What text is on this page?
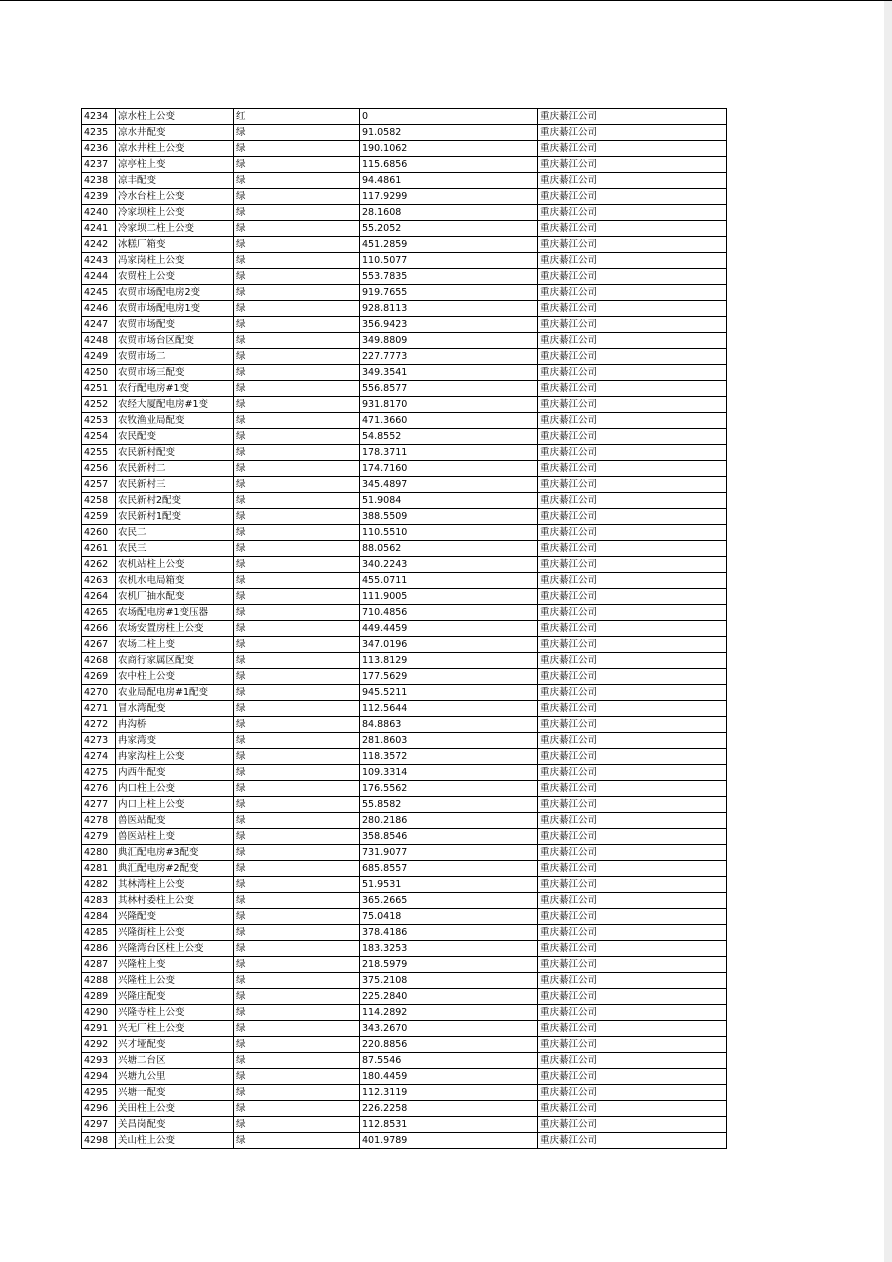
4234	凉水柱上公变	红	0	重庆綦江公司
4235	凉水井配变	绿	91.0582	重庆綦江公司
4236	凉水井柱上公变	绿	190.1062	重庆綦江公司
4237	凉亭柱上变	绿	115.6856	重庆綦江公司
4238	凉丰配变	绿	94.4861	重庆綦江公司
4239	冷水台柱上公变	绿	117.9299	重庆綦江公司
4240	冷家坝柱上公变	绿	28.1608	重庆綦江公司
4241	冷家坝二柱上公变	绿	55.2052	重庆綦江公司
4242	冰糕厂箱变	绿	451.2859	重庆綦江公司
4243	冯家岗柱上公变	绿	110.5077	重庆綦江公司
4244	农贸柱上公变	绿	553.7835	重庆綦江公司
4245	农贸市场配电房2变	绿	919.7655	重庆綦江公司
4246	农贸市场配电房1变	绿	928.8113	重庆綦江公司
4247	农贸市场配变	绿	356.9423	重庆綦江公司
4248	农贸市场台区配变	绿	349.8809	重庆綦江公司
4249	农贸市场二	绿	227.7773	重庆綦江公司
4250	农贸市场三配变	绿	349.3541	重庆綦江公司
4251	农行配电房#1变	绿	556.8577	重庆綦江公司
4252	农经大厦配电房#1变	绿	931.8170	重庆綦江公司
4253	农牧渔业局配变	绿	471.3660	重庆綦江公司
4254	农民配变	绿	54.8552	重庆綦江公司
4255	农民新村配变	绿	178.3711	重庆綦江公司
4256	农民新村二	绿	174.7160	重庆綦江公司
4257	农民新村三	绿	345.4897	重庆綦江公司
4258	农民新村2配变	绿	51.9084	重庆綦江公司
4259	农民新村1配变	绿	388.5509	重庆綦江公司
4260	农民二	绿	110.5510	重庆綦江公司
4261	农民三	绿	88.0562	重庆綦江公司
4262	农机站柱上公变	绿	340.2243	重庆綦江公司
4263	农机水电局箱变	绿	455.0711	重庆綦江公司
4264	农机厂抽水配变	绿	111.9005	重庆綦江公司
4265	农场配电房#1变压器	绿	710.4856	重庆綦江公司
4266	农场安置房柱上公变	绿	449.4459	重庆綦江公司
4267	农场二柱上变	绿	347.0196	重庆綦江公司
4268	农商行家属区配变	绿	113.8129	重庆綦江公司
4269	农中柱上公变	绿	177.5629	重庆綦江公司
4270	农业局配电房#1配变	绿	945.5211	重庆綦江公司
4271	冒水湾配变	绿	112.5644	重庆綦江公司
4272	冉沟桥	绿	84.8863	重庆綦江公司
4273	冉家湾变	绿	281.8603	重庆綦江公司
4274	冉家沟柱上公变	绿	118.3572	重庆綦江公司
4275	内西牛配变	绿	109.3314	重庆綦江公司
4276	内口柱上公变	绿	176.5562	重庆綦江公司
4277	内口上柱上公变	绿	55.8582	重庆綦江公司
4278	兽医站配变	绿	280.2186	重庆綦江公司
4279	兽医站柱上变	绿	358.8546	重庆綦江公司
4280	典汇配电房#3配变	绿	731.9077	重庆綦江公司
4281	典汇配电房#2配变	绿	685.8557	重庆綦江公司
4282	其林湾柱上公变	绿	51.9531	重庆綦江公司
4283	其林村委柱上公变	绿	365.2665	重庆綦江公司
4284	兴隆配变	绿	75.0418	重庆綦江公司
4285	兴隆街柱上公变	绿	378.4186	重庆綦江公司
4286	兴隆湾台区柱上公变	绿	183.3253	重庆綦江公司
4287	兴隆柱上变	绿	218.5979	重庆綦江公司
4288	兴隆柱上公变	绿	375.2108	重庆綦江公司
4289	兴隆庄配变	绿	225.2840	重庆綦江公司
4290	兴隆寺柱上公变	绿	114.2892	重庆綦江公司
4291	兴无厂柱上公变	绿	343.2670	重庆綦江公司
4292	兴才垭配变	绿	220.8856	重庆綦江公司
4293	兴塘二台区	绿	87.5546	重庆綦江公司
4294	兴塘九公里	绿	180.4459	重庆綦江公司
4295	兴塘一配变	绿	112.3119	重庆綦江公司
4296	关田柱上公变	绿	226.2258	重庆綦江公司
4297	关昌岗配变	绿	112.8531	重庆綦江公司
4298	关山柱上公变	绿	401.9789	重庆綦江公司
